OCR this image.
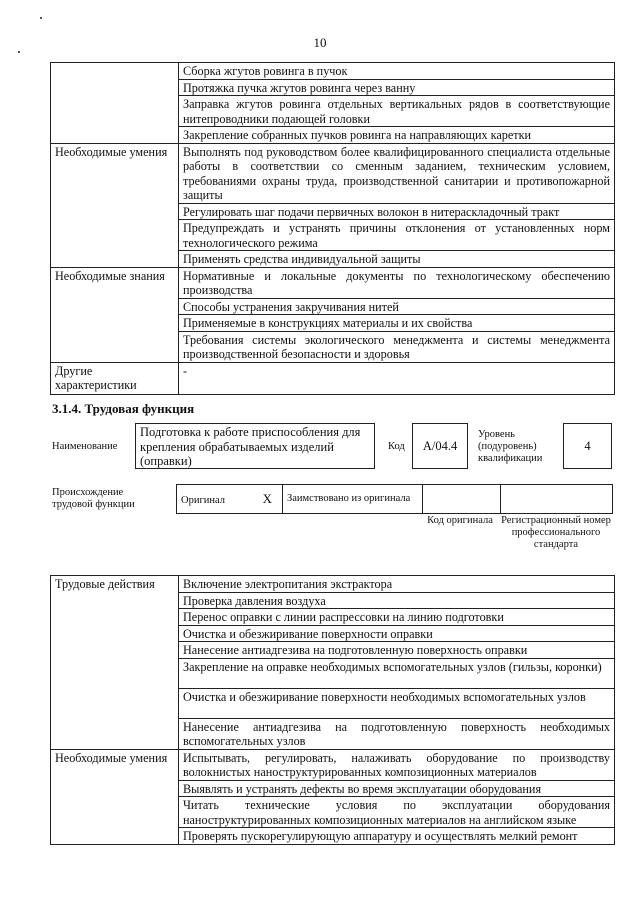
10
	Сборка жгутов ровинга в пучок
	Протяжка пучка жгутов ровинга через ванну
	Заправка жгутов ровинга отдельных вертикальных рядов в соответствующие нитепроводники подающей головки
	Закрепление собранных пучков ровинга на направляющих каретки
Необходимые умения	Выполнять под руководством более квалифицированного специалиста отдельные работы в соответствии со сменным заданием, техническим условием, требованиями охраны труда, производственной санитарии и противопожарной защиты
	Регулировать шаг подачи первичных волокон в нитераскладочный тракт
	Предупреждать и устранять причины отклонения от установленных норм технологического режима
	Применять средства индивидуальной защиты
Необходимые знания	Нормативные и локальные документы по технологическому обеспечению производства
	Способы устранения закручивания нитей
	Применяемые в конструкциях материалы и их свойства
	Требования системы экологического менеджмента и системы менеджмента производственной безопасности и здоровья
Другие характеристики	-
3.1.4. Трудовая функция
Наименование
Подготовка к работе приспособления для крепления обрабатываемых изделий (оправки)
Код A/04.4
Уровень (подуровень) квалификации
4
Происхождение трудовой функции	Оригинал	X	Заимствовано из оригинала		
Код оригинала Регистрационный номер профессионального стандарта
Трудовые действия	Включение электропитания экстрактора
	Проверка давления воздуха
	Перенос оправки с линии распрессовки на линию подготовки
	Очистка и обезжиривание поверхности оправки
	Нанесение антиадгезива на подготовленную поверхность оправки
	Закрепление на оправке необходимых вспомогательных узлов (гильзы, коронки)
	Очистка и обезжиривание поверхности необходимых вспомогательных узлов
	Нанесение антиадгезива на подготовленную поверхность необходимых вспомогательных узлов
Необходимые умения	Испытывать, регулировать, налаживать оборудование по производству волокнистых наноструктурированных композиционных материалов
	Выявлять и устранять дефекты во время эксплуатации оборудования
	Читать технические условия по эксплуатации оборудования наноструктурированных композиционных материалов на английском языке
	Проверять пускорегулирующую аппаратуру и осуществлять мелкий ремонт
